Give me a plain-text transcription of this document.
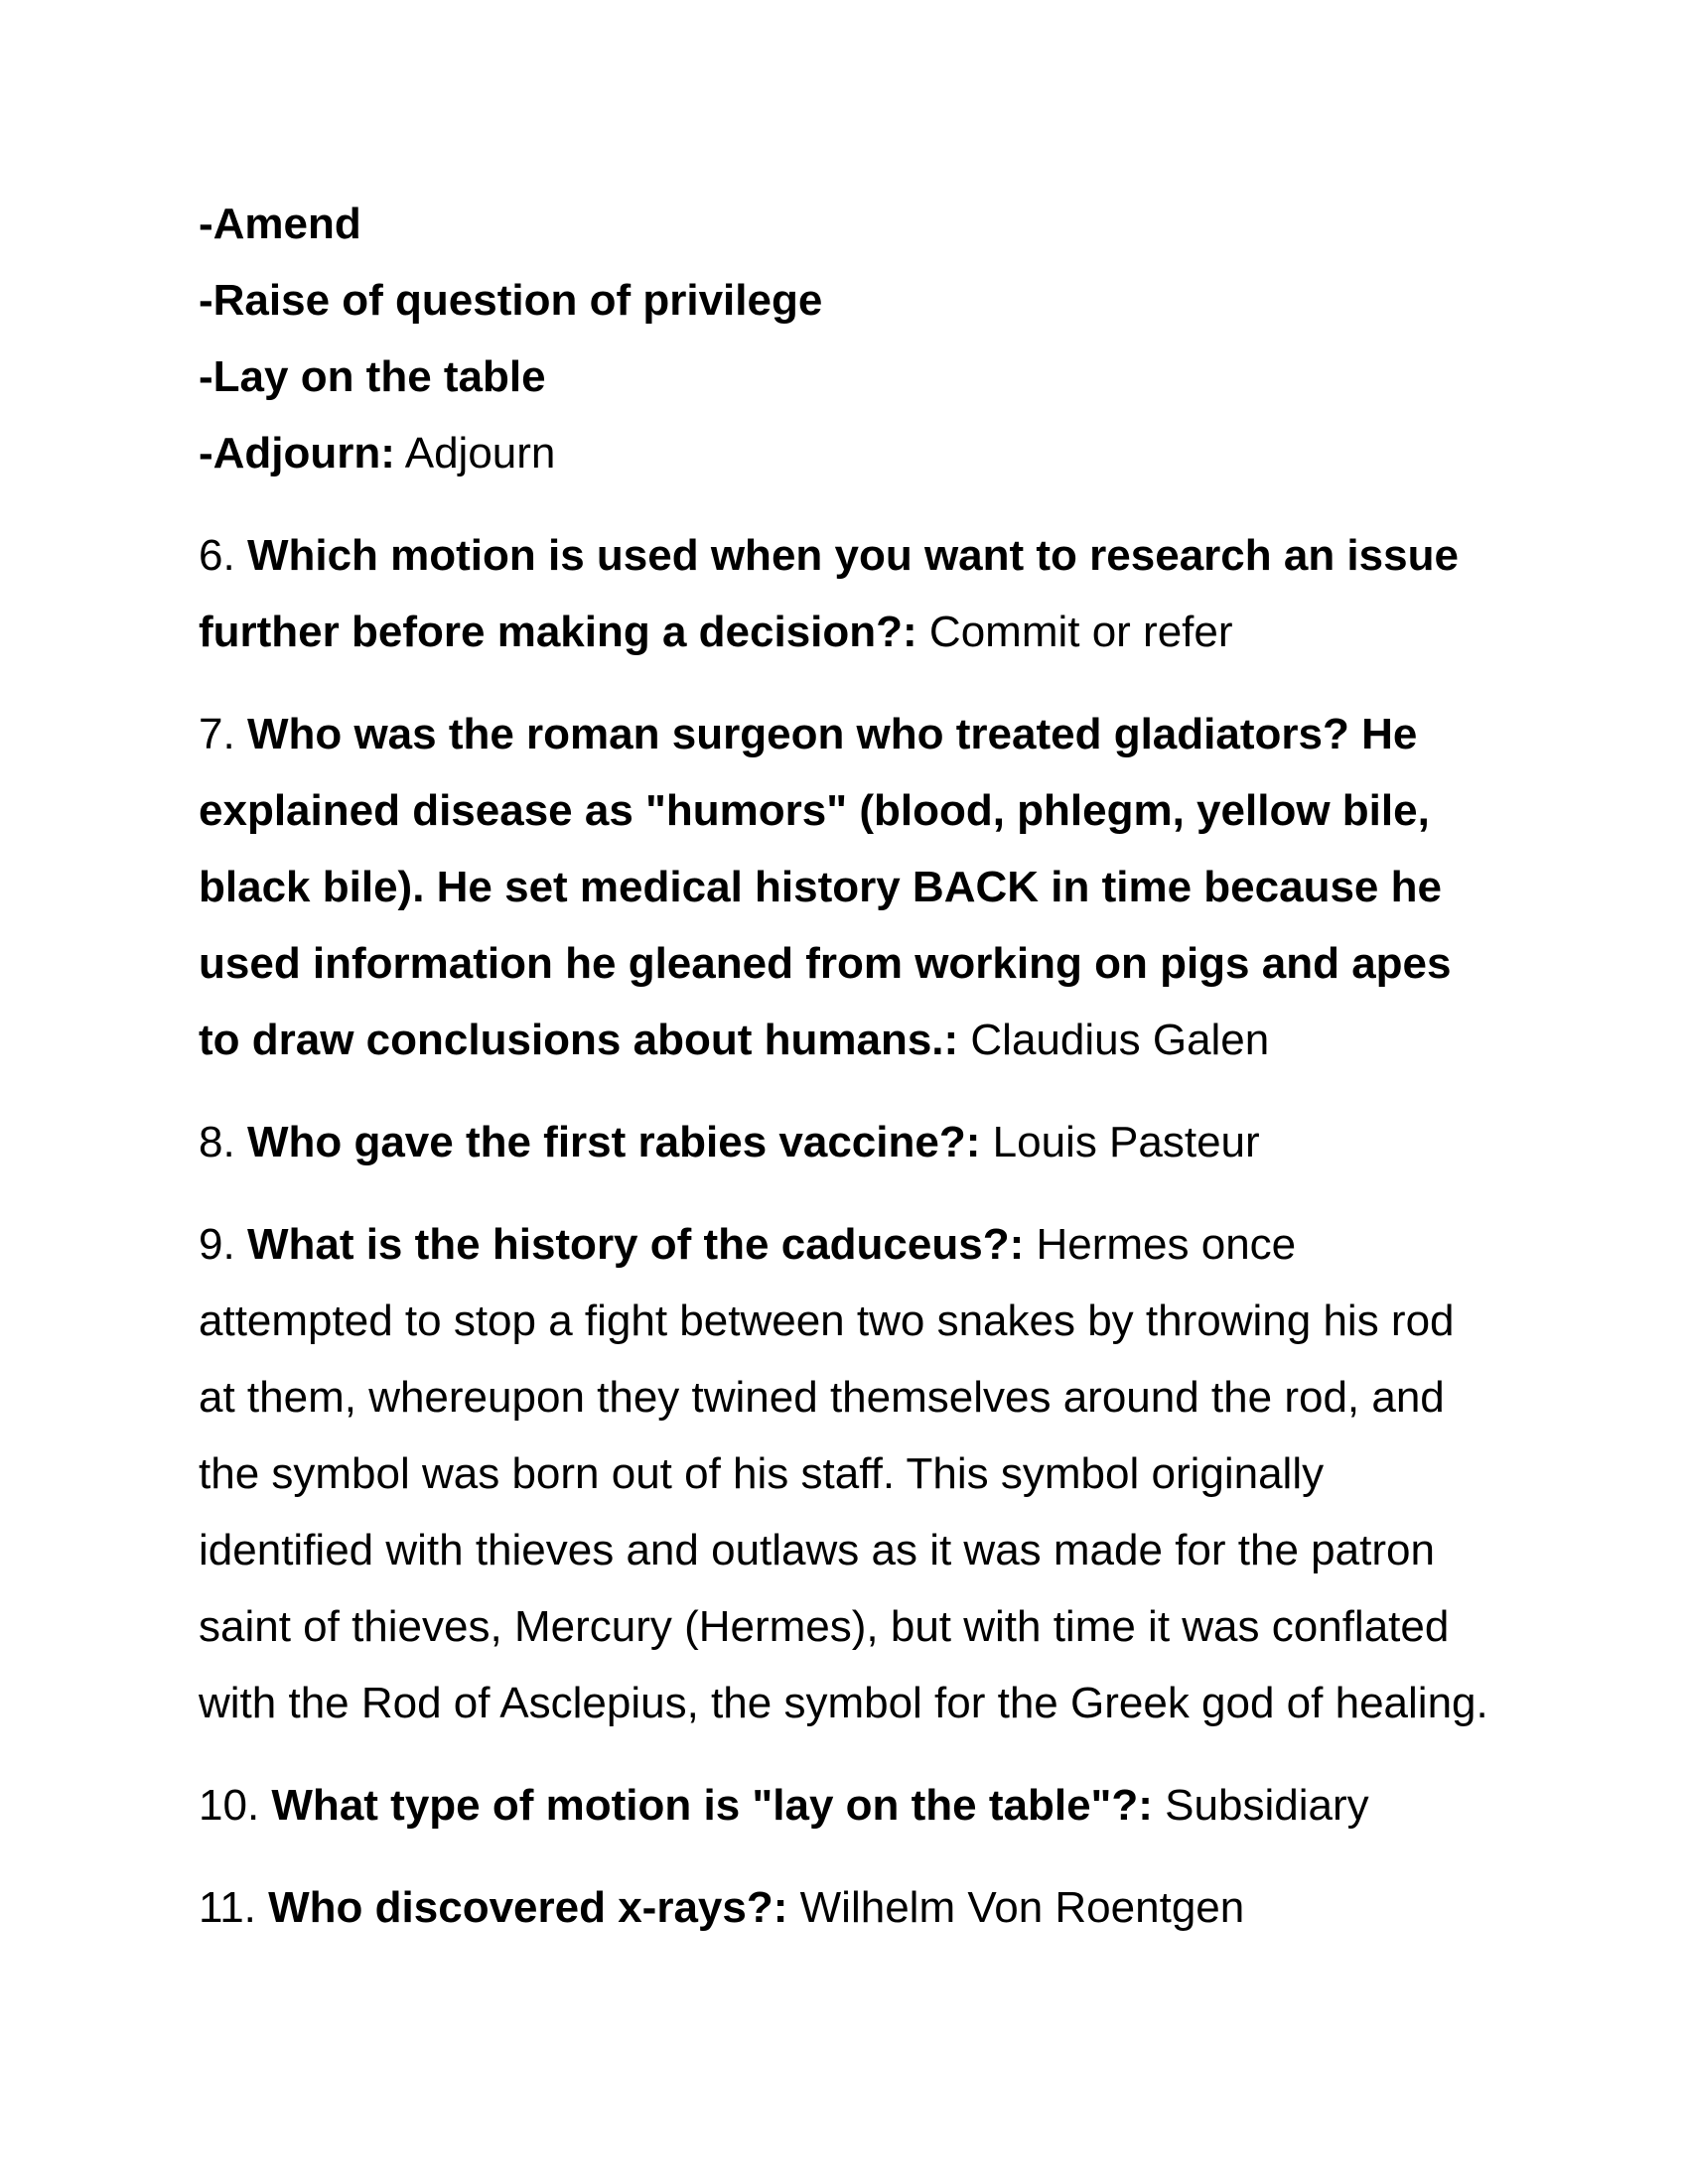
-Amend
-Raise of question of privilege
-Lay on the table
-Adjourn: Adjourn
6. Which motion is used when you want to research an issue
further before making a decision?: Commit or refer
7. Who was the roman surgeon who treated gladiators? He
explained disease as "humors" (blood, phlegm, yellow bile,
black bile). He set medical history BACK in time because he
used information he gleaned from working on pigs and apes
to draw conclusions about humans.: Claudius Galen
8. Who gave the first rabies vaccine?: Louis Pasteur
9. What is the history of the caduceus?: Hermes once
attempted to stop a fight between two snakes by throwing his rod
at them, whereupon they twined themselves around the rod, and
the symbol was born out of his staff. This symbol originally
identified with thieves and outlaws as it was made for the patron
saint of thieves, Mercury (Hermes), but with time it was conflated
with the Rod of Asclepius, the symbol for the Greek god of healing.
10. What type of motion is "lay on the table"?: Subsidiary
11. Who discovered x-rays?: Wilhelm Von Roentgen
